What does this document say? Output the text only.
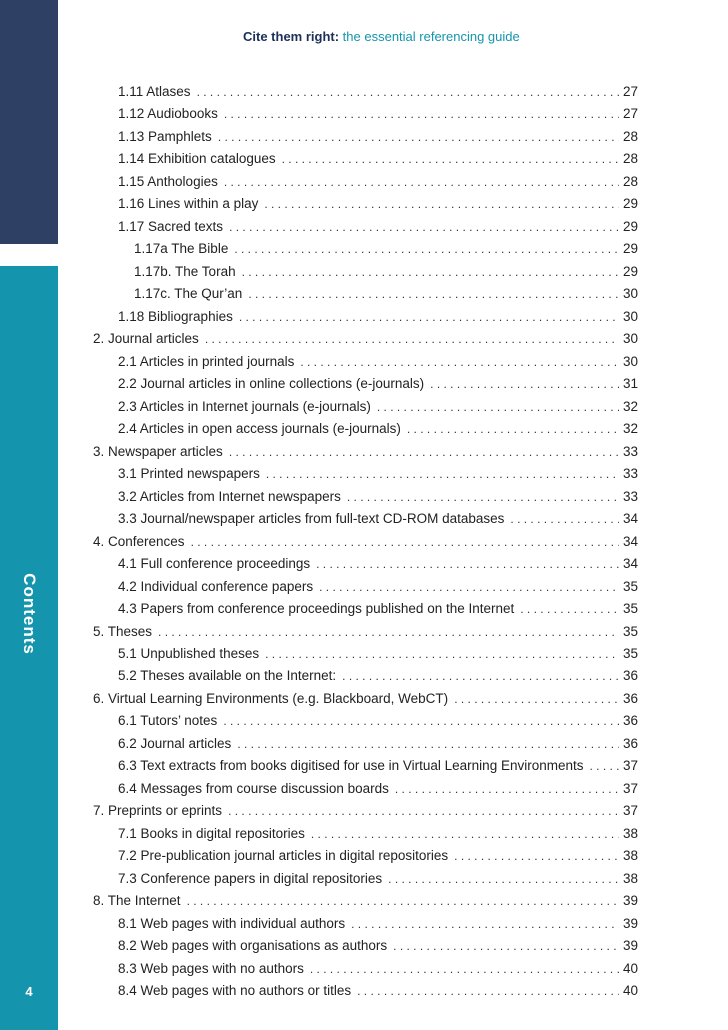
Contents
4
Cite them right: the essential referencing guide
1.11 Atlases . . .	27
1.12 Audiobooks . . .	27
1.13 Pamphlets . . .	28
1.14 Exhibition catalogues . . .	28
1.15 Anthologies . . .	28
1.16 Lines within a play . . .	29
1.17 Sacred texts . . .	29
1.17a The Bible . . .	29
1.17b. The Torah . . .	29
1.17c. The Qur’an . . .	30
1.18 Bibliographies . . .	30
2. Journal articles . . .	30
2.1 Articles in printed journals . . .	30
2.2 Journal articles in online collections (e-journals) . . .	31
2.3 Articles in Internet journals (e-journals) . . .	32
2.4 Articles in open access journals (e-journals) . . .	32
3. Newspaper articles . . .	33
3.1 Printed newspapers . . .	33
3.2 Articles from Internet newspapers . . .	33
3.3 Journal/newspaper articles from full-text CD-ROM databases . . .	34
4. Conferences . . .	34
4.1 Full conference proceedings . . .	34
4.2 Individual conference papers . . .	35
4.3 Papers from conference proceedings published on the Internet . . .	35
5. Theses . . .	35
5.1 Unpublished theses . . .	35
5.2 Theses available on the Internet: . . .	36
6. Virtual Learning Environments (e.g. Blackboard, WebCT) . . .	36
6.1 Tutors’ notes . . .	36
6.2 Journal articles . . .	36
6.3 Text extracts from books digitised for use in Virtual Learning Environments . . .	37
6.4 Messages from course discussion boards . . .	37
7. Preprints or eprints . . .	37
7.1 Books in digital repositories . . .	38
7.2 Pre-publication journal articles in digital repositories . . .	38
7.3 Conference papers in digital repositories . . .	38
8. The Internet . . .	39
8.1 Web pages with individual authors . . .	39
8.2 Web pages with organisations as authors . . .	39
8.3 Web pages with no authors . . .	40
8.4 Web pages with no authors or titles . . .	40
